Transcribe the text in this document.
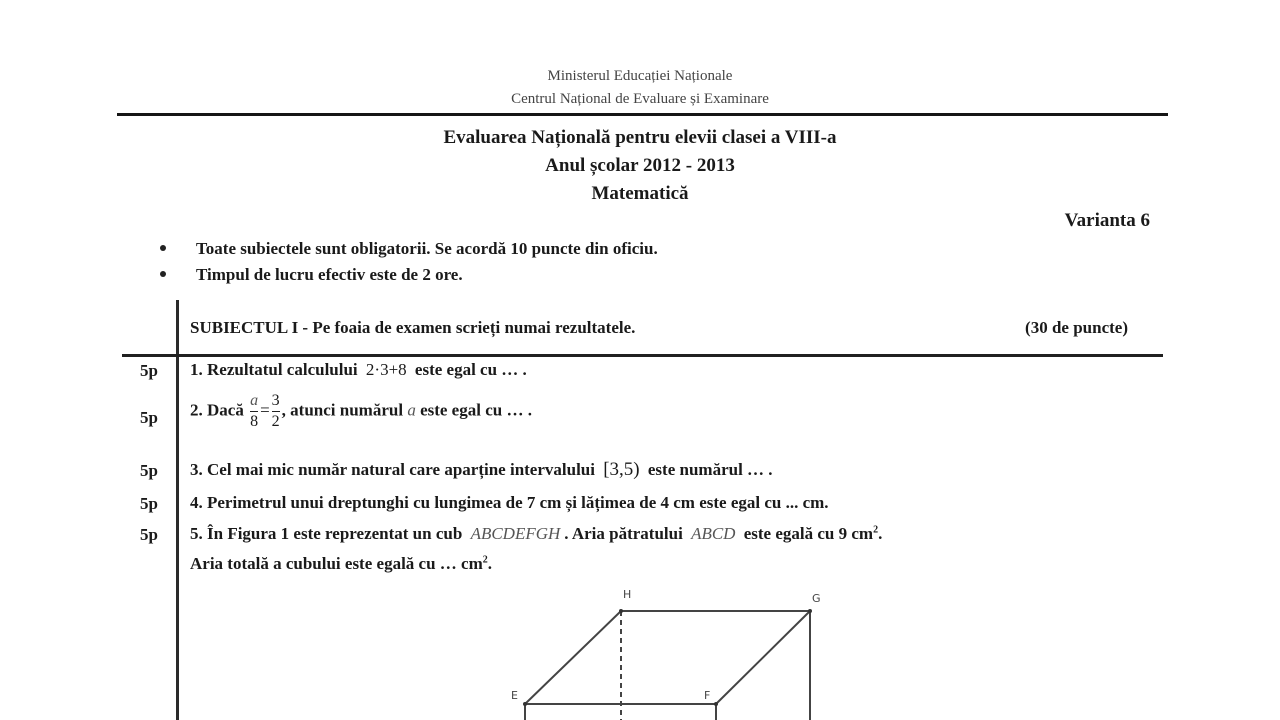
Ministerul Educației Naționale
Centrul Național de Evaluare și Examinare
Evaluarea Națională pentru elevii clasei a VIII-a
Anul școlar 2012 - 2013
Matematică
Varianta 6
Toate subiectele sunt obligatorii. Se acordă 10 puncte din oficiu.
Timpul de lucru efectiv este de 2 ore.
SUBIECTUL I - Pe foaia de examen scrieți numai rezultatele.	(30 de puncte)
5p 1. Rezultatul calculului 2·3+8 este egal cu … .
5p 2. Dacă $\frac{a}{8} = \frac{3}{2}$ , atunci numărul a este egal cu … .
5p 3. Cel mai mic număr natural care aparține intervalului [3,5) este numărul … .
5p 4. Perimetrul unui dreptunghi cu lungimea de 7 cm și lățimea de 4 cm este egal cu ... cm.
5p 5. În Figura 1 este reprezentat un cub ABCDEFGH . Aria pătratului ABCD este egală cu 9 $cm^2$.
Aria totală a cubului este egală cu … $cm^2$.
H	G
E	F
